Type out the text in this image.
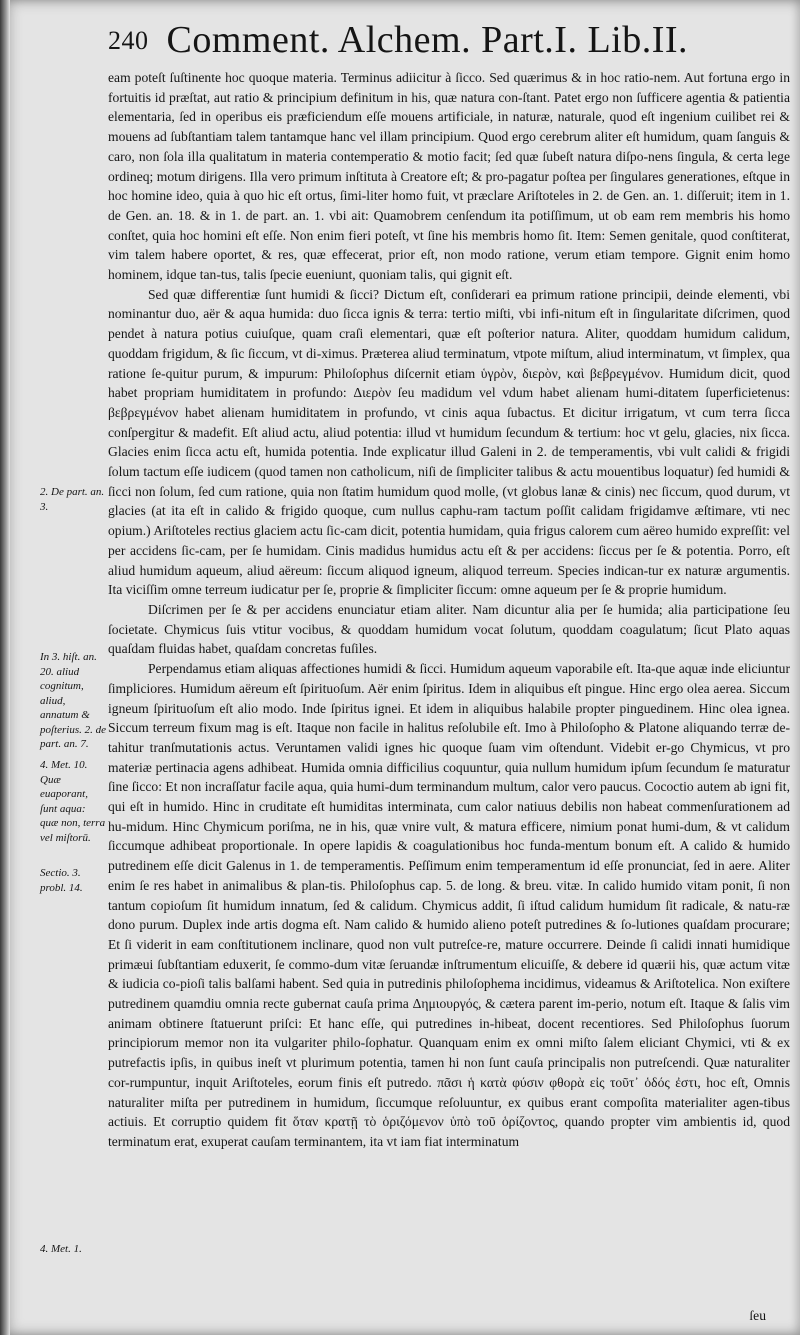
240 Comment. Alchem. Part.I. Lib.II.

eam poteſt ſuſtinente hoc quoque materia. Terminus adiicitur à ſicco. Sed quærimus & in hoc ratio-nem. Aut fortuna ergo in fortuitis id præſtat, aut ratio & principium definitum in his, quæ natura con-ſtant. Patet ergo non ſufficere agentia & patientia elementaria, ſed in operibus eis præficiendum eſſe mouens artificiale, in naturæ, naturale, quod eſt ingenium cuilibet rei & mouens ad ſubſtantiam talem tantamque hanc vel illam principium. Quod ergo cerebrum aliter eſt humidum, quam ſanguis & caro, non ſola illa qualitatum in materia contemperatio & motio facit; ſed quæ ſubeſt natura diſpo-nens ſingula, & certa lege ordineq; motum dirigens. Illa vero primum inſtituta à Creatore eſt; & pro-pagatur poſtea per ſingulares generationes, eſtque in hoc homine ideo, quia à quo hic eſt ortus, ſimi-liter homo fuit, vt præclare Ariſtoteles in 2. de Gen. an. 1. diſſeruit; item in 1. de Gen. an. 18. & in 1. de part. an. 1. vbi ait: Quamobrem cenſendum ita potiſſimum, ut ob eam rem membris his homo conſtet, quia hoc homini eſt eſſe. Non enim fieri poteſt, vt ſine his membris homo ſit. Item: Semen genitale, quod conſtiterat, vim talem habere oportet, & res, quæ effecerat, prior eſt, non modo ratione, verum etiam tempore. Gignit enim homo hominem, idque tan-tus, talis ſpecie eueniunt, quoniam talis, qui gignit eſt.

Sed quæ differentiæ ſunt humidi & ſicci? Dictum eſt, conſiderari ea primum ratione principii, deinde elementi, vbi nominantur duo, aër & aqua humida: duo ſicca ignis & terra: tertio miſti, vbi infi-nitum eſt in ſingularitate diſcrimen, quod pendet à natura potius cuiuſque, quam craſi elementari, quæ eſt poſterior natura. Aliter, quoddam humidum calidum, quoddam frigidum, & ſic ſiccum, vt di-ximus. Præterea aliud terminatum, vtpote miſtum, aliud interminatum, vt ſimplex, qua ratione ſe-quitur purum, & impurum: Philoſophus diſcernit etiam ὑγρὸν, διερὸν, καὶ βεβρεγμένον. Humidum dicit, quod habet propriam humiditatem in profundo: Διερὸν ſeu madidum vel vdum habet alienam humi-ditatem ſuperficietenus: βεβρεγμένον habet alienam humiditatem in profundo, vt cinis aqua ſubactus. Et dicitur irrigatum, vt cum terra ſicca conſpergitur & madefit. Eſt aliud actu, aliud potentia: illud vt humidum ſecundum & tertium: hoc vt gelu, glacies, nix ſicca. Glacies enim ſicca actu eſt, humida potentia. Inde explicatur illud Galeni in 2. de temperamentis, vbi vult calidi & frigidi ſolum tactum eſſe iudicem (quod tamen non catholicum, niſi de ſimpliciter talibus & actu mouentibus loquatur) ſed humidi & ſicci non ſolum, ſed cum ratione, quia non ſtatim humidum quod molle, (vt globus lanæ & cinis) nec ſiccum, quod durum, vt glacies (at ita eſt in calido & frigido quoque, cum nullus caphu-ram tactum poſſit calidam frigidamve æſtimare, vti nec opium.) Ariſtoteles rectius glaciem actu ſic-cam dicit, potentia humidam, quia frigus calorem cum aëreo humido expreſſit: vel per accidens ſic-cam, per ſe humidam. Cinis madidus humidus actu eſt & per accidens: ſiccus per ſe & potentia. Porro, eſt aliud humidum aqueum, aliud aëreum: ſiccum aliquod igneum, aliquod terreum. Species indican-tur ex naturæ argumentis. Ita viciſſim omne terreum iudicatur per ſe, proprie & ſimpliciter ſiccum: omne aqueum per ſe & proprie humidum.

Diſcrimen per ſe & per accidens enunciatur etiam aliter. Nam dicuntur alia per ſe humida; alia participatione ſeu ſocietate. Chymicus ſuis vtitur vocibus, & quoddam humidum vocat ſolutum, quoddam coagulatum; ſicut Plato aquas quaſdam fluidas habet, quaſdam concretas fuſiles.

Perpendamus etiam aliquas affectiones humidi & ſicci. Humidum aqueum vaporabile eſt. Ita-que aquæ inde eliciuntur ſimpliciores. Humidum aëreum eſt ſpirituoſum. Aër enim ſpiritus. Idem in aliquibus eſt pingue. Hinc ergo olea aerea. Siccum igneum ſpirituoſum eſt alio modo. Inde ſpiritus ignei. Et idem in aliquibus halabile propter pinguedinem. Hinc olea ignea. Siccum terreum fixum mag is eſt. Itaque non facile in halitus reſolubile eſt. Imo à Philoſopho & Platone aliquando terræ de-tahitur tranſmutationis actus. Veruntamen validi ignes hic quoque ſuam vim oſtendunt. Videbit er-go Chymicus, vt pro materiæ pertinacia agens adhibeat. Humida omnia difficilius coquuntur, quia nullum humidum ipſum ſecundum ſe maturatur ſine ſicco: Et non incraſſatur facile aqua, quia humi-dum terminandum multum, calor vero paucus. Cococtio autem ab igni fit, qui eſt in humido. Hinc in cruditate eſt humiditas interminata, cum calor natiuus debilis non habeat commenſurationem ad hu-midum. Hinc Chymicum poriſma, ne in his, quæ vnire vult, & matura efficere, nimium ponat humi-dum, & vt calidum ſiccumque adhibeat proportionale. In opere lapidis & coagulationibus hoc funda-mentum bonum eſt. A calido & humido putredinem eſſe dicit Galenus in 1. de temperamentis. Peſſimum enim temperamentum id eſſe pronunciat, ſed in aere. Aliter enim ſe res habet in animalibus & plan-tis. Philoſophus cap. 5. de long. & breu. vitæ. In calido humido vitam ponit, ſi non tantum copioſum ſit humidum innatum, ſed & calidum. Chymicus addit, ſi iſtud calidum humidum ſit radicale, & natu-ræ dono purum. Duplex inde artis dogma eſt. Nam calido & humido alieno poteſt putredines & ſo-lutiones quaſdam procurare; Et ſi viderit in eam conſtitutionem inclinare, quod non vult putreſce-re, mature occurrere. Deinde ſi calidi innati humidique primæui ſubſtantiam eduxerit, ſe commo-dum vitæ ſeruandæ inſtrumentum elicuiſſe, & debere id quærii his, quæ actum vitæ & iudicia co-pioſi talis balſami habent. Sed quia in putredinis philoſophema incidimus, videamus & Ariſtotelica. Non exiſtere putredinem quamdiu omnia recte gubernat cauſa prima Δημιουργός, & cætera parent im-perio, notum eſt. Itaque & ſalis vim animam obtinere ſtatuerunt priſci: Et hanc eſſe, qui putredines in-hibeat, docent recentiores. Sed Philoſophus ſuorum principiorum memor non ita vulgariter philo-ſophatur. Quanquam enim ex omni miſto ſalem eliciant Chymici, vti & ex putrefactis ipſis, in quibus ineſt vt plurimum potentia, tamen hi non ſunt cauſa principalis non putreſcendi. Quæ naturaliter cor-rumpuntur, inquit Ariſtoteles, eorum finis eſt putredo. πᾶσι ἡ κατὰ φύσιν φθορὰ εἰς τοῦτ᾽ ὁδός ἐστι, hoc eſt, Omnis naturaliter miſta per putredinem in humidum, ſiccumque reſoluuntur, ex quibus erant compoſita materialiter agen-tibus actiuis. Et corruptio quidem fit ὅταν κρατῇ τὸ ὁριζόμενον ὑπὸ τοῦ ὁρίζοντος, quando propter vim ambientis id, quod terminatum erat, exuperat cauſam terminantem, ita vt iam fiat interminatum

2. De part. an. 3.
In 3. hiſt. an. 20. aliud cognitum, aliud, annatum & poſterius. 2. de part. an. 7.
4. Met. 10. Quæ euaporant, ſunt aqua: quæ non, terra vel miſtorū.
Sectio. 3. probl. 14.
4. Met. 1.
ſeu
